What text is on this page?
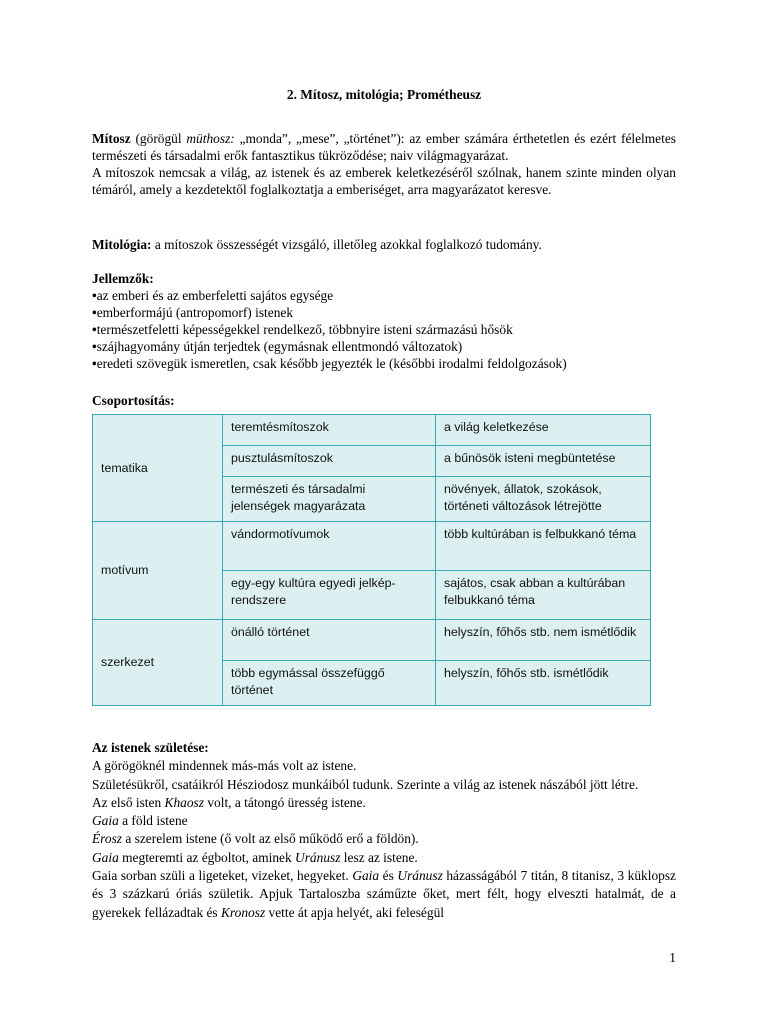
2. Mítosz, mitológia; Prométheusz
Mítosz (görögül müthosz: „monda”, „mese”, „történet”): az ember számára érthetetlen és ezért félelmetes természeti és társadalmi erők fantasztikus tükröződése; naiv világmagyarázat.
A mítoszok nemcsak a világ, az istenek és az emberek keletkezéséről szólnak, hanem szinte minden olyan témáról, amely a kezdetektől foglalkoztatja a emberiséget, arra magyarázatot keresve.
Mitológia: a mítoszok összességét vizsgáló, illetőleg azokkal foglalkozó tudomány.
Jellemzők:
• az emberi és az emberfeletti sajátos egysége
• emberformájú (antropomorf) istenek
• természetfeletti képességekkel rendelkező, többnyire isteni származású hősök
• szájhagyomány útján terjedtek (egymásnak ellentmondó változatok)
• eredeti szövegük ismeretlen, csak később jegyezték le (későbbi irodalmi feldolgozások)
Csoportosítás:
tematika	teremtésmítoszok	a világ keletkezése
	pusztulásmítoszok	a bűnösök isteni megbüntetése
	természeti és társadalmi jelenségek magyarázata	növények, állatok, szokások, történeti változások létrejötte
motívum	vándormotívumok	több kultúrában is felbukkanó téma
	egy-egy kultúra egyedi jelkép-rendszere	sajátos, csak abban a kultúrában felbukkanó téma
szerkezet	önálló történet	helyszín, főhős stb. nem ismétlődik
	több egymással összefüggő történet	helyszín, főhős stb. ismétlődik
Az istenek születése:
A görögöknél mindennek más-más volt az istene.
Születésükről, csatáikról Hésziodosz munkáiból tudunk. Szerinte a világ az istenek nászából jött létre.
Az első isten Khaosz volt, a tátongó üresség istene.
Gaia a föld istene
Érosz a szerelem istene (ő volt az első működő erő a földön).
Gaia megteremti az égboltot, aminek Uránusz lesz az istene.
Gaia sorban szüli a ligeteket, vizeket, hegyeket. Gaia és Uránusz házasságából 7 titán, 8 titanisz, 3 küklopsz és 3 százkarú óriás születik. Apjuk Tartaloszba száműzte őket, mert félt, hogy elveszti hatalmát, de a gyerekek fellázadtak és Kronosz vette át apja helyét, aki feleségül
1
